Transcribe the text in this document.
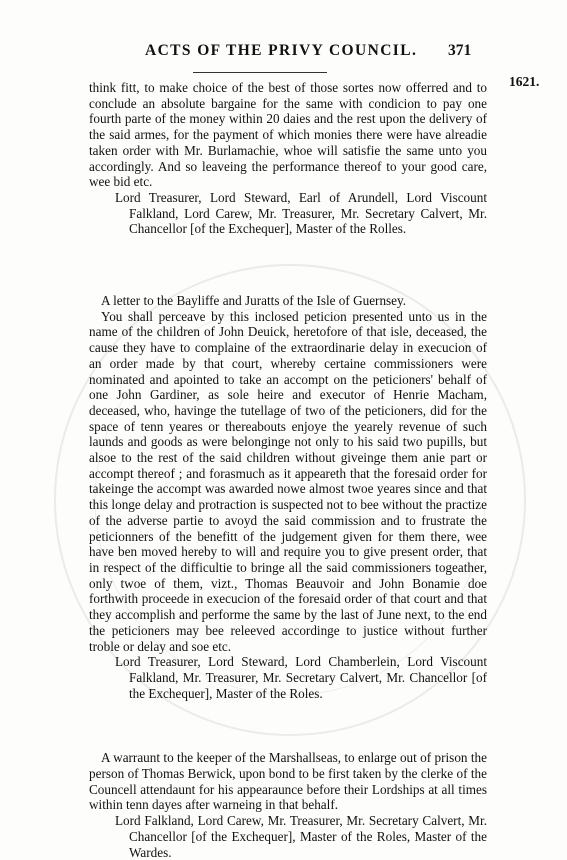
ACTS OF THE PRIVY COUNCIL. 371
1621.

think fitt, to make choice of the best of those sortes now offerred and to conclude an absolute bargaine for the same with condicion to pay one fourth parte of the money within 20 daies and the rest upon the delivery of the said armes, for the payment of which monies there were have alreadie taken order with Mr. Burlamachie, whoe will satisfie the same unto you accordingly. And so leaveing the performance thereof to your good care, wee bid etc.

Lord Treasurer, Lord Steward, Earl of Arundell, Lord Viscount Falkland, Lord Carew, Mr. Treasurer, Mr. Secretary Calvert, Mr. Chancellor [of the Exchequer], Master of the Rolles.

A letter to the Bayliffe and Juratts of the Isle of Guernsey.

You shall perceave by this inclosed peticion presented unto us in the name of the children of John Deuick, heretofore of that isle, deceased, the cause they have to complaine of the extraordinarie delay in execucion of an order made by that court, whereby certaine commissioners were nominated and apointed to take an accompt on the peticioners' behalf of one John Gardiner, as sole heire and executor of Henrie Macham, deceased, who, havinge the tutellage of two of the peticioners, did for the space of tenn yeares or thereabouts enjoye the yearely revenue of such launds and goods as were belonginge not only to his said two pupills, but alsoe to the rest of the said children without giveinge them anie part or accompt thereof ; and forasmuch as it appeareth that the foresaid order for takeinge the accompt was awarded nowe almost twoe yeares since and that this longe delay and protraction is suspected not to bee without the practize of the adverse partie to avoyd the said commission and to frustrate the peticionners of the benefitt of the judgement given for them there, wee have ben moved hereby to will and require you to give present order, that in respect of the difficultie to bringe all the said commissioners togeather, only twoe of them, vizt., Thomas Beauvoir and John Bonamie doe forthwith proceede in execucion of the foresaid order of that court and that they accomplish and performe the same by the last of June next, to the end the peticioners may bee releeved accordinge to justice without further troble or delay and soe etc.

Lord Treasurer, Lord Steward, Lord Chamberlein, Lord Viscount Falkland, Mr. Treasurer, Mr. Secretary Calvert, Mr. Chancellor [of the Exchequer], Master of the Roles.

A warraunt to the keeper of the Marshallseas, to enlarge out of prison the person of Thomas Berwick, upon bond to be first taken by the clerke of the Councell attendaunt for his appearaunce before their Lordships at all times within tenn dayes after warneing in that behalf.

Lord Falkland, Lord Carew, Mr. Treasurer, Mr. Secretary Calvert, Mr. Chancellor [of the Exchequer], Master of the Roles, Master of the Wardes.
